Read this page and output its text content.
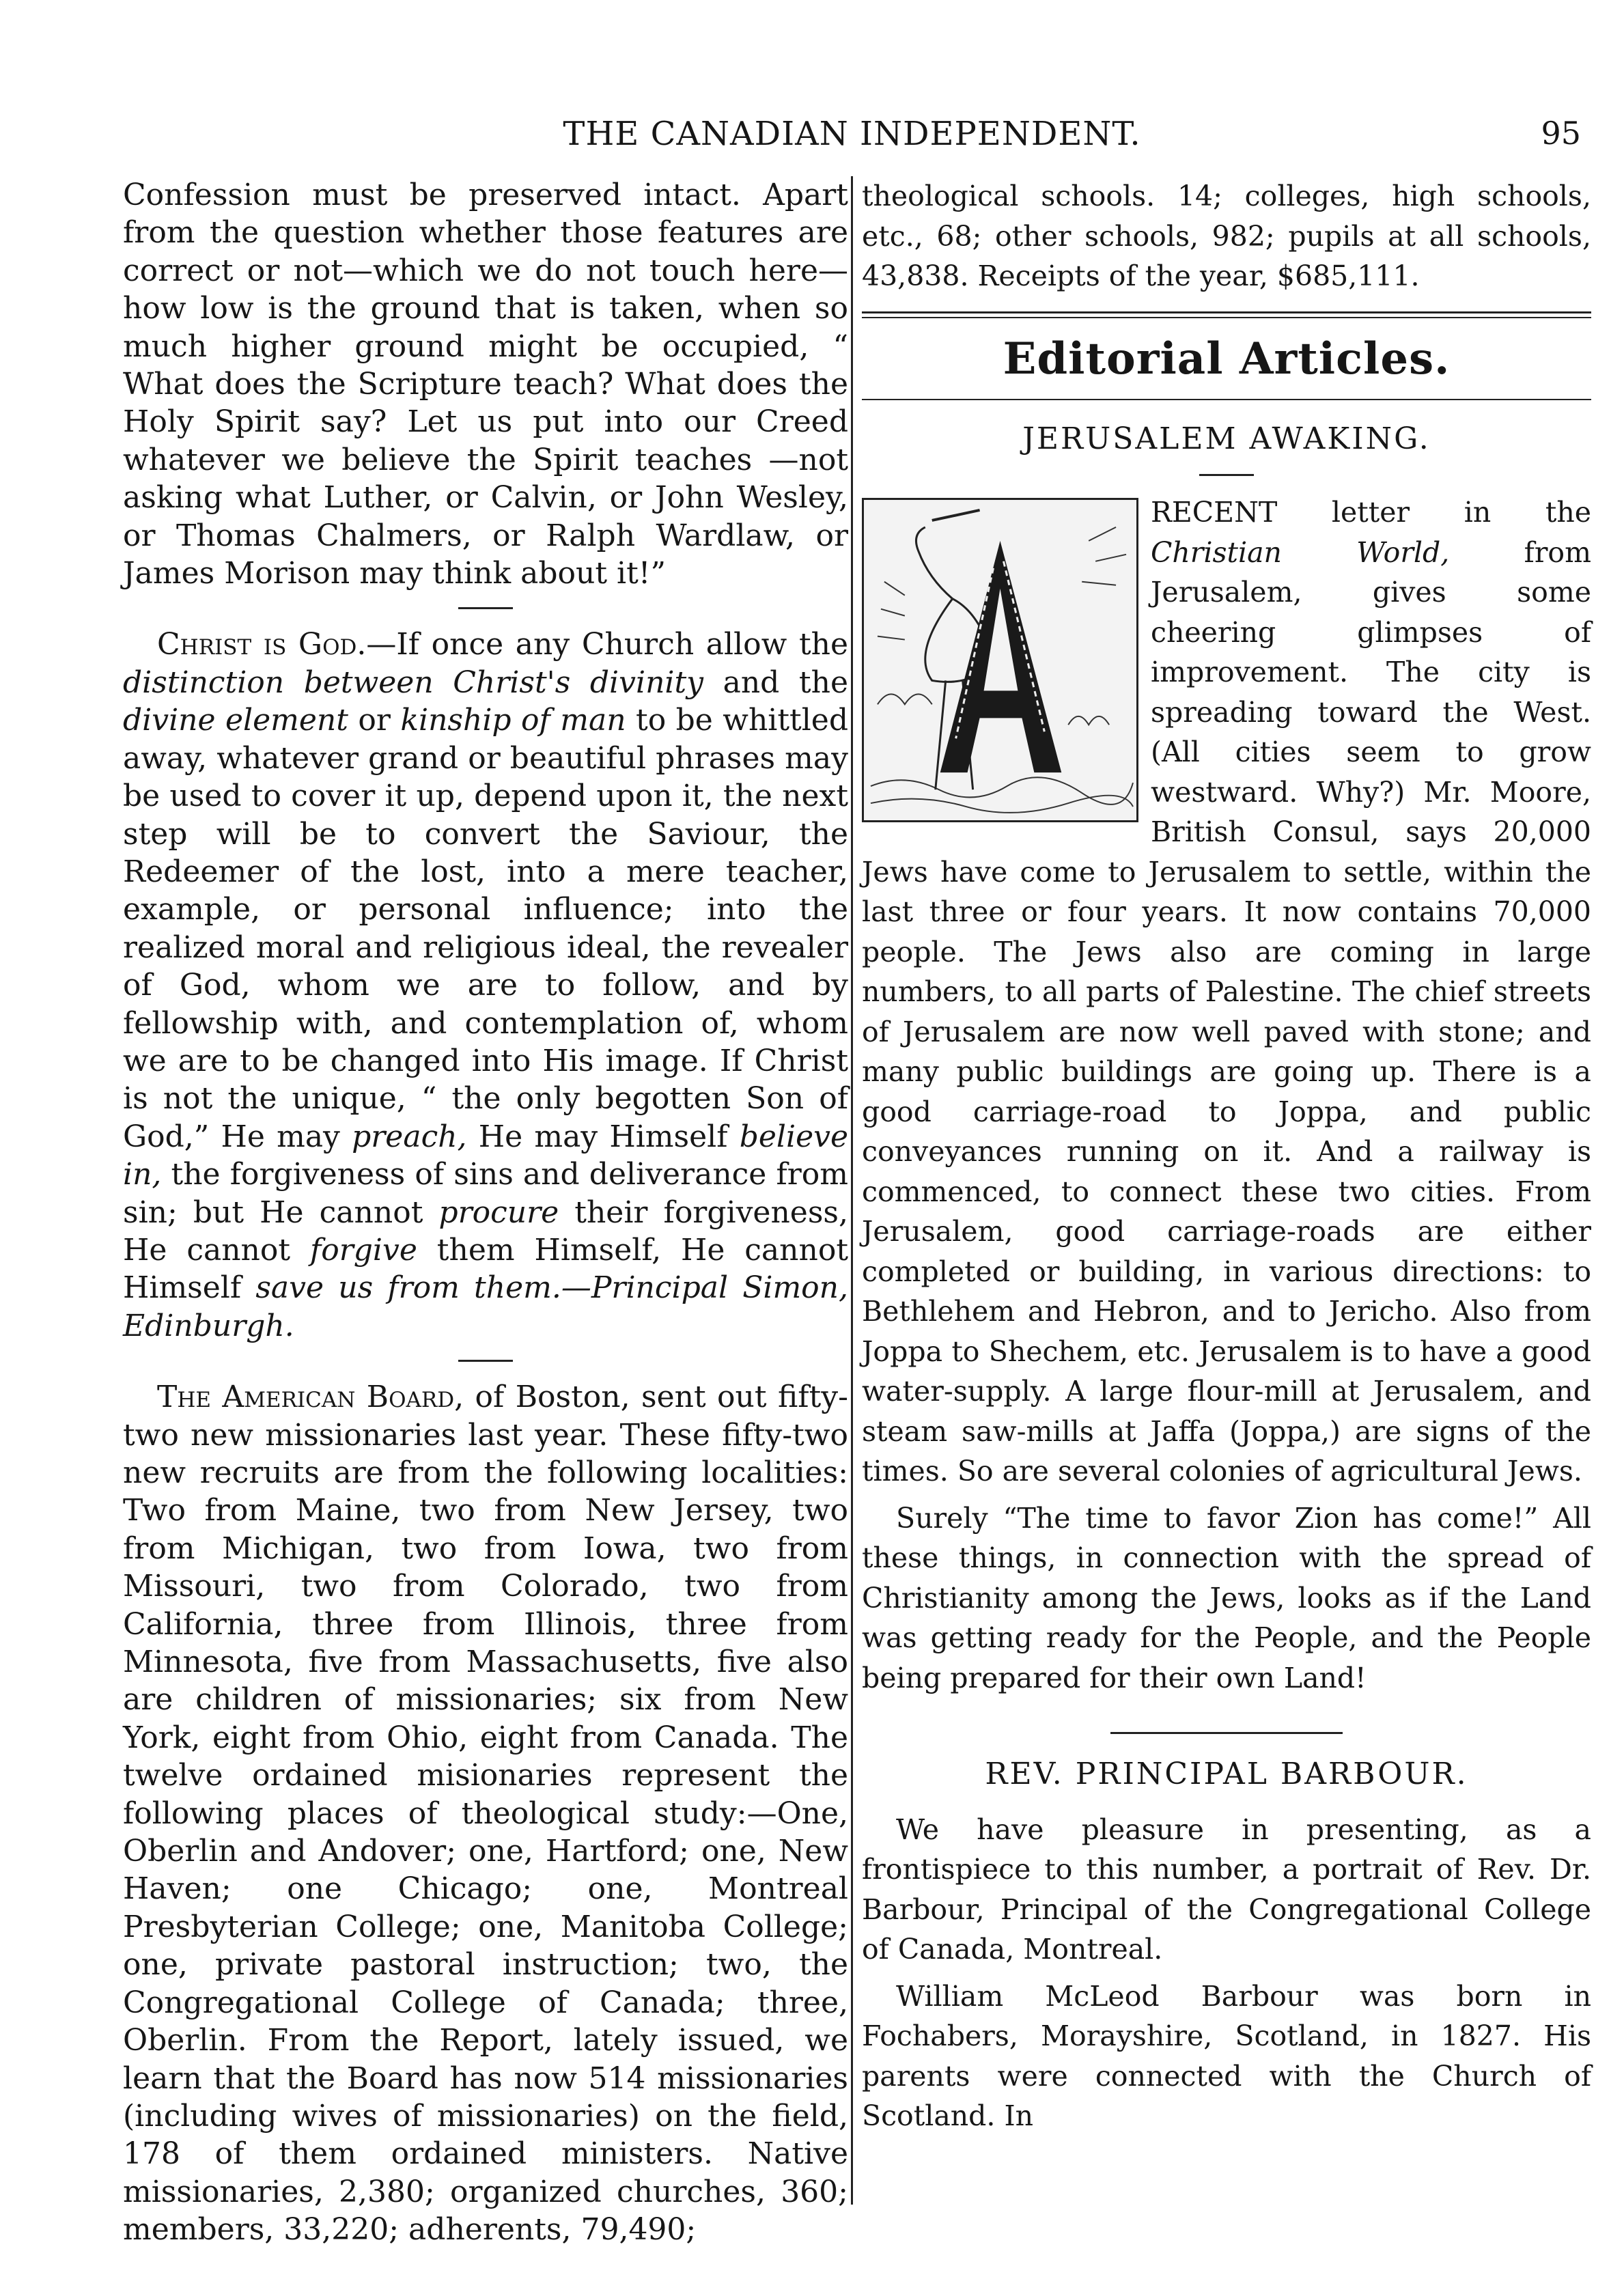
THE CANADIAN INDEPENDENT.	95

Confession must be preserved intact. Apart from the question whether those features are correct or not—which we do not touch here—how low is the ground that is taken, when so much higher ground might be occupied, “ What does the Scripture teach? What does the Holy Spirit say? Let us put into our Creed whatever we believe the Spirit teaches —not asking what Luther, or Calvin, or John Wesley, or Thomas Chalmers, or Ralph Wardlaw, or James Morison may think about it!”

Christ is God.—If once any Church allow the distinction between Christ's divinity and the divine element or kinship of man to be whittled away, whatever grand or beautiful phrases may be used to cover it up, depend upon it, the next step will be to convert the Saviour, the Redeemer of the lost, into a mere teacher, example, or personal influence; into the realized moral and religious ideal, the revealer of God, whom we are to follow, and by fellowship with, and contemplation of, whom we are to be changed into His image. If Christ is not the unique, “ the only begotten Son of God,” He may preach, He may Himself believe in, the forgiveness of sins and deliverance from sin; but He cannot procure their forgiveness, He cannot forgive them Himself, He cannot Himself save us from them.—Principal Simon, Edinburgh.

The American Board, of Boston, sent out fifty-two new missionaries last year. These fifty-two new recruits are from the following localities: Two from Maine, two from New Jersey, two from Michigan, two from Iowa, two from Missouri, two from Colorado, two from California, three from Illinois, three from Minnesota, five from Massachusetts, five also are children of missionaries; six from New York, eight from Ohio, eight from Canada. The twelve ordained misionaries represent the following places of theological study:—One, Oberlin and Andover; one, Hartford; one, New Haven; one Chicago; one, Montreal Presbyterian College; one, Manitoba College; one, private pastoral instruction; two, the Congregational College of Canada; three, Oberlin. From the Report, lately issued, we learn that the Board has now 514 missionaries (including wives of missionaries) on the field, 178 of them ordained ministers. Native missionaries, 2,380; organized churches, 360; members, 33,220; adherents, 79,490;

theological schools. 14; colleges, high schools, etc., 68; other schools, 982; pupils at all schools, 43,838. Receipts of the year, $685,111.

Editorial Articles.
JERUSALEM AWAKING.

RECENT letter in the Christian World, from Jerusalem, gives some cheering glimpses of improvement. The city is spreading toward the West. (All cities seem to grow westward. Why?) Mr. Moore, British Consul, says 20,000 Jews have come to Jerusalem to settle, within the last three or four years. It now contains 70,000 people. The Jews also are coming in large numbers, to all parts of Palestine. The chief streets of Jerusalem are now well paved with stone; and many public buildings are going up. There is a good carriage-road to Joppa, and public conveyances running on it. And a railway is commenced, to connect these two cities. From Jerusalem, good carriage-roads are either completed or building, in various directions: to Bethlehem and Hebron, and to Jericho. Also from Joppa to Shechem, etc. Jerusalem is to have a good water-supply. A large flour-mill at Jerusalem, and steam saw-mills at Jaffa (Joppa,) are signs of the times. So are several colonies of agricultural Jews.

Surely “The time to favor Zion has come!” All these things, in connection with the spread of Christianity among the Jews, looks as if the Land was getting ready for the People, and the People being prepared for their own Land!

REV. PRINCIPAL BARBOUR.

We have pleasure in presenting, as a frontispiece to this number, a portrait of Rev. Dr. Barbour, Principal of the Congregational College of Canada, Montreal.

William McLeod Barbour was born in Fochabers, Morayshire, Scotland, in 1827. His parents were connected with the Church of Scotland. In
